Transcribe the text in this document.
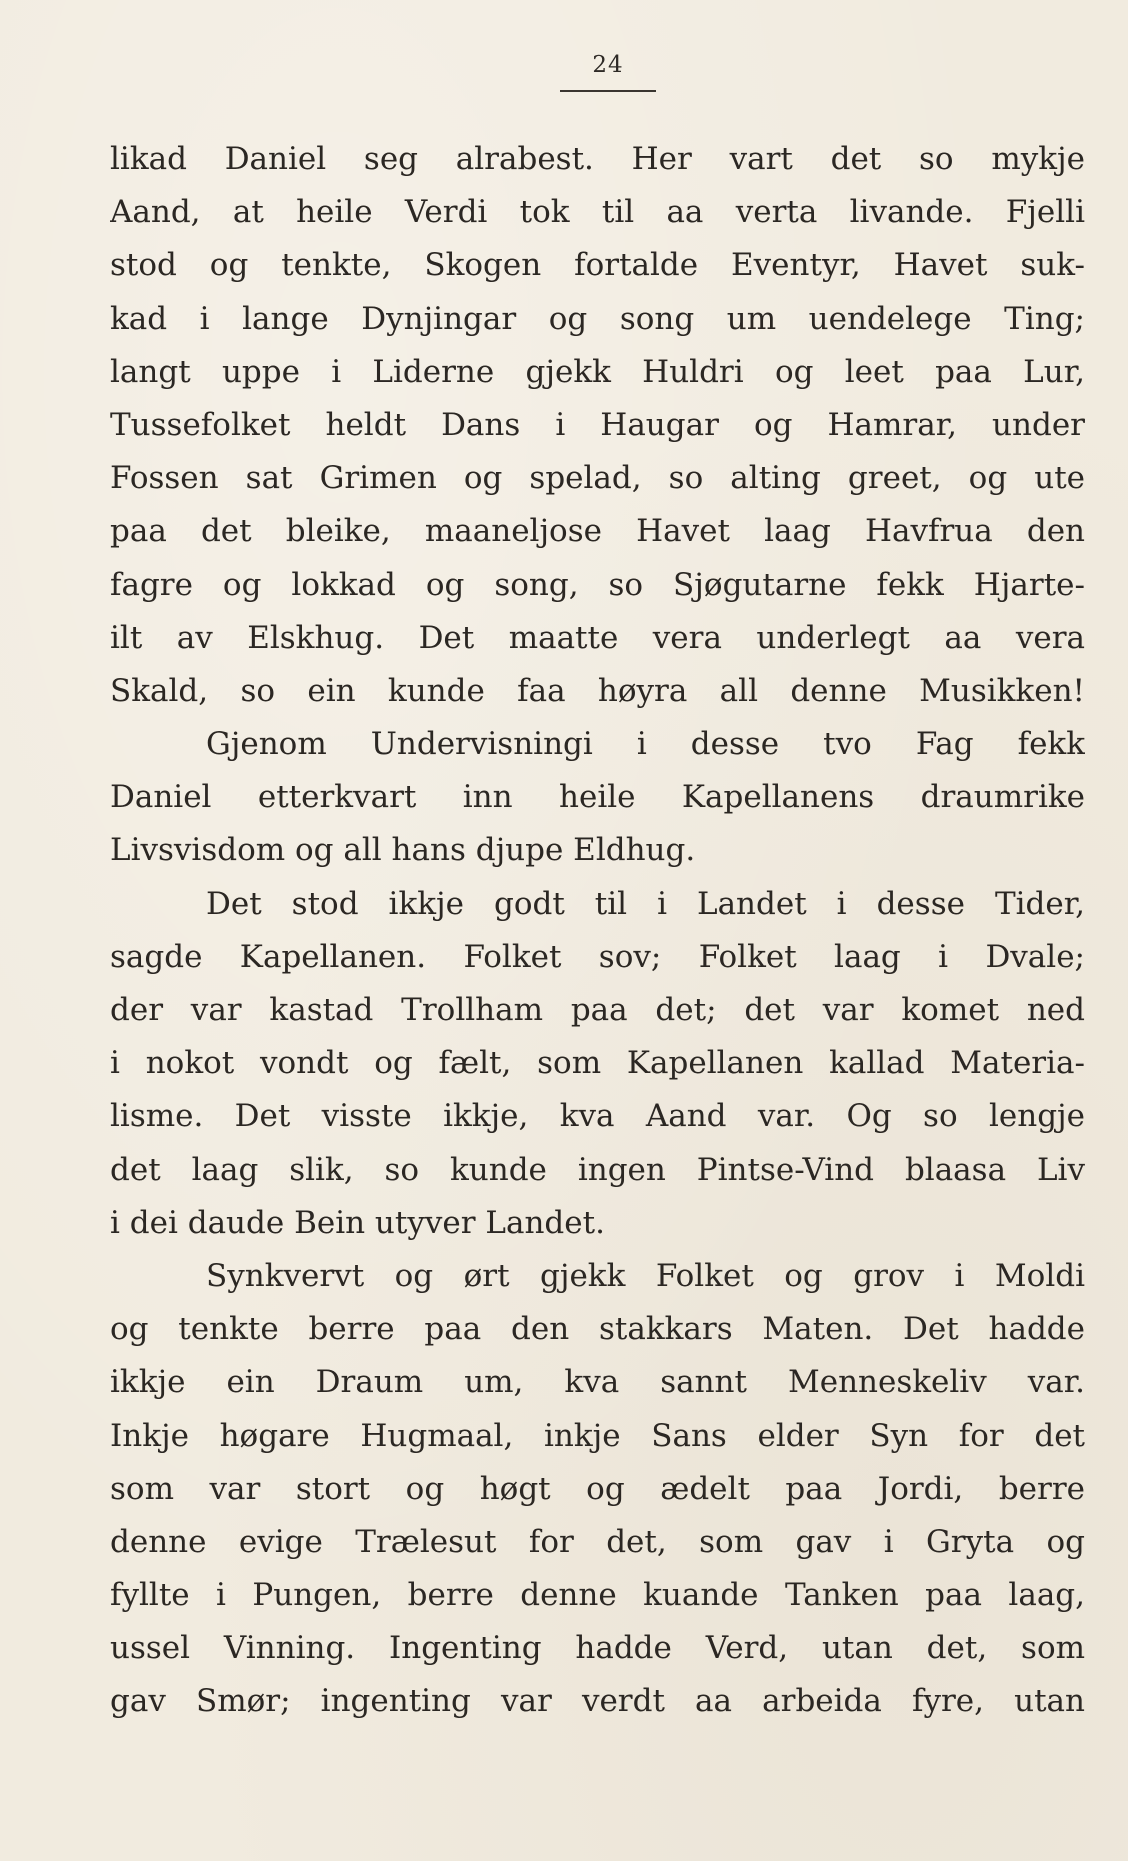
24
likad Daniel seg alrabest. Her vart det so mykje
Aand, at heile Verdi tok til aa verta livande. Fjelli
stod og tenkte, Skogen fortalde Eventyr, Havet suk-
kad i lange Dynjingar og song um uendelege Ting;
langt uppe i Liderne gjekk Huldri og leet paa Lur,
Tussefolket heldt Dans i Haugar og Hamrar, under
Fossen sat Grimen og spelad, so alting greet, og ute
paa det bleike, maaneljose Havet laag Havfrua den
fagre og lokkad og song, so Sjøgutarne fekk Hjarte-
ilt av Elskhug. Det maatte vera underlegt aa vera
Skald, so ein kunde faa høyra all denne Musikken!
Gjenom Undervisningi i desse tvo Fag fekk
Daniel etterkvart inn heile Kapellanens draumrike
Livsvisdom og all hans djupe Eldhug.
Det stod ikkje godt til i Landet i desse Tider,
sagde Kapellanen. Folket sov; Folket laag i Dvale;
der var kastad Trollham paa det; det var komet ned
i nokot vondt og fælt, som Kapellanen kallad Materia-
lisme. Det visste ikkje, kva Aand var. Og so lengje
det laag slik, so kunde ingen Pintse-Vind blaasa Liv
i dei daude Bein utyver Landet.
Synkvervt og ørt gjekk Folket og grov i Moldi
og tenkte berre paa den stakkars Maten. Det hadde
ikkje ein Draum um, kva sannt Menneskeliv var.
Inkje høgare Hugmaal, inkje Sans elder Syn for det
som var stort og høgt og ædelt paa Jordi, berre
denne evige Trælesut for det, som gav i Gryta og
fyllte i Pungen, berre denne kuande Tanken paa laag,
ussel Vinning. Ingenting hadde Verd, utan det, som
gav Smør; ingenting var verdt aa arbeida fyre, utan
